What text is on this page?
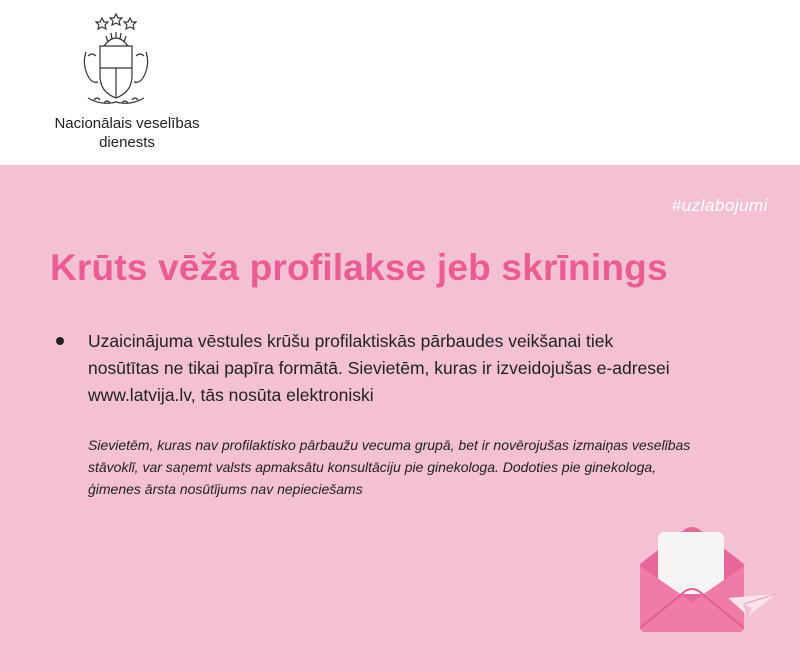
Nacionālais veselības
dienests
#uzlabojumi
Krūts vēža profilakse jeb skrīnings
Uzaicinājuma vēstules krūšu profilaktiskās pārbaudes veikšanai tiek nosūtītas ne tikai papīra formātā. Sievietēm, kuras ir izveidojušas e-adresei www.latvija.lv, tās nosūta elektroniski
Sievietēm, kuras nav profilaktisko pārbaužu vecuma grupā, bet ir novērojušas izmaiņas veselības stāvoklī, var saņemt valsts apmaksātu konsultāciju pie ginekologa. Dodoties pie ginekologa, ģimenes ārsta nosūtījums nav nepieciešams
